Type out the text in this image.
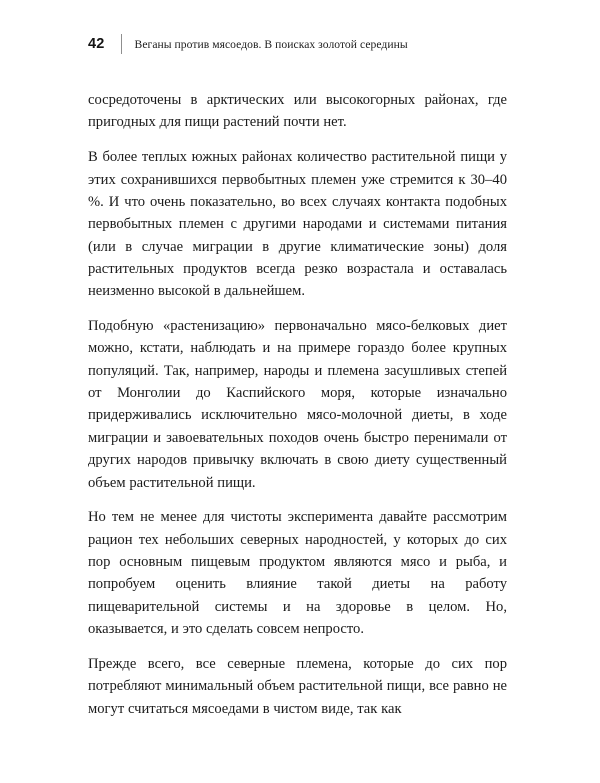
42	Веганы против мясоедов. В поисках золотой середины

сосредоточены в арктических или высокогорных районах, где пригодных для пищи растений почти нет.

В более теплых южных районах количество растительной пищи у этих сохранившихся первобытных племен уже стремится к 30–40 %. И что очень показательно, во всех случаях контакта подобных первобытных племен с другими народами и системами питания (или в случае миграции в другие климатические зоны) доля растительных продуктов всегда резко возрастала и оставалась неизменно высокой в дальнейшем.

Подобную «растенизацию» первоначально мясо-белковых диет можно, кстати, наблюдать и на примере гораздо более крупных популяций. Так, например, народы и племена засушливых степей от Монголии до Каспийского моря, которые изначально придерживались исключительно мясо-молочной диеты, в ходе миграции и завоевательных походов очень быстро перенимали от других народов привычку включать в свою диету существенный объем растительной пищи.

Но тем не менее для чистоты эксперимента давайте рассмотрим рацион тех небольших северных народностей, у которых до сих пор основным пищевым продуктом являются мясо и рыба, и попробуем оценить влияние такой диеты на работу пищеварительной системы и на здоровье в целом. Но, оказывается, и это сделать совсем непросто.

Прежде всего, все северные племена, которые до сих пор потребляют минимальный объем растительной пищи, все равно не могут считаться мясоедами в чистом виде, так как
